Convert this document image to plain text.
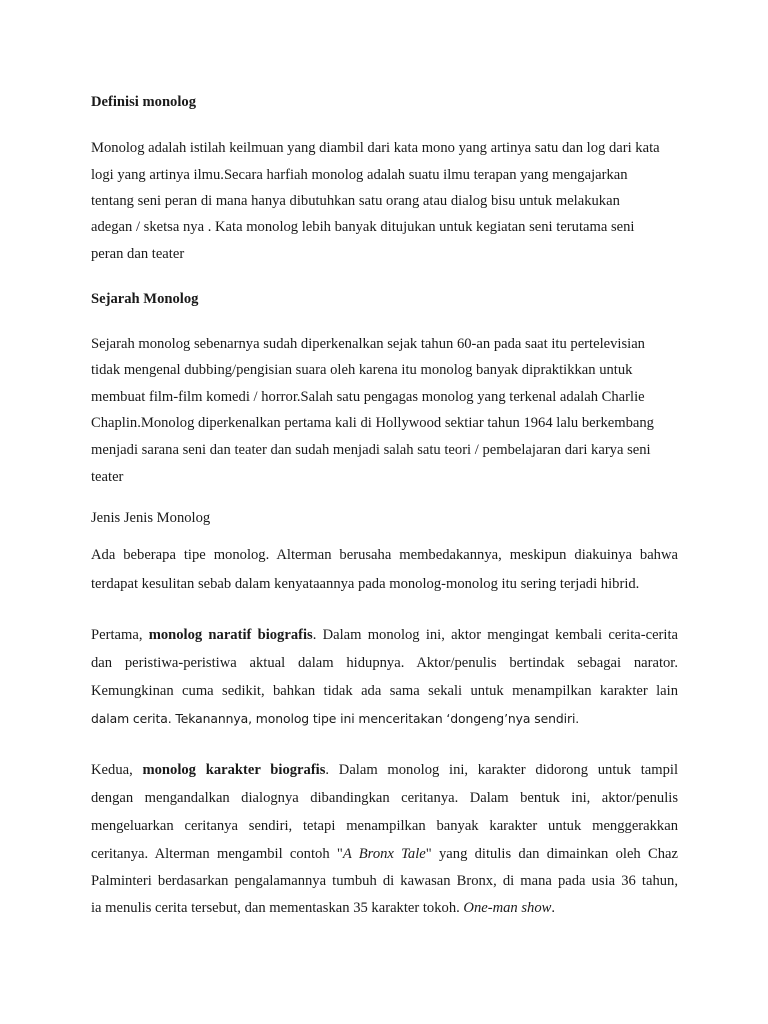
Definisi monolog
Monolog adalah istilah keilmuan yang diambil dari kata mono yang artinya satu dan log dari kata
logi yang artinya ilmu.Secara harfiah monolog adalah suatu ilmu terapan yang mengajarkan
tentang seni peran di mana hanya dibutuhkan satu orang atau dialog bisu untuk melakukan
adegan / sketsa nya . Kata monolog lebih banyak ditujukan untuk kegiatan seni terutama seni
peran dan teater
Sejarah Monolog
Sejarah monolog sebenarnya sudah diperkenalkan sejak tahun 60-an pada saat itu pertelevisian
tidak mengenal dubbing/pengisian suara oleh karena itu monolog banyak dipraktikkan untuk
membuat film-film komedi / horror.Salah satu pengagas monolog yang terkenal adalah Charlie
Chaplin.Monolog diperkenalkan pertama kali di Hollywood sektiar tahun 1964 lalu berkembang
menjadi sarana seni dan teater dan sudah menjadi salah satu teori / pembelajaran dari karya seni
teater
Jenis Jenis Monolog
Ada beberapa tipe monolog. Alterman berusaha membedakannya, meskipun diakuinya bahwa
terdapat kesulitan sebab dalam kenyataannya pada monolog-monolog itu sering terjadi hibrid.
Pertama, monolog naratif biografis. Dalam monolog ini, aktor mengingat kembali cerita-cerita
dan peristiwa-peristiwa aktual dalam hidupnya. Aktor/penulis bertindak sebagai narator.
Kemungkinan cuma sedikit, bahkan tidak ada sama sekali untuk menampilkan karakter lain
dalam cerita. Tekanannya, monolog tipe ini menceritakan ‘dongeng’nya sendiri.
Kedua, monolog karakter biografis. Dalam monolog ini, karakter didorong untuk tampil
dengan mengandalkan dialognya dibandingkan ceritanya. Dalam bentuk ini, aktor/penulis
mengeluarkan ceritanya sendiri, tetapi menampilkan banyak karakter untuk menggerakkan
ceritanya. Alterman mengambil contoh "A Bronx Tale" yang ditulis dan dimainkan oleh Chaz
Palminteri berdasarkan pengalamannya tumbuh di kawasan Bronx, di mana pada usia 36 tahun,
ia menulis cerita tersebut, dan mementaskan 35 karakter tokoh. One-man show.
